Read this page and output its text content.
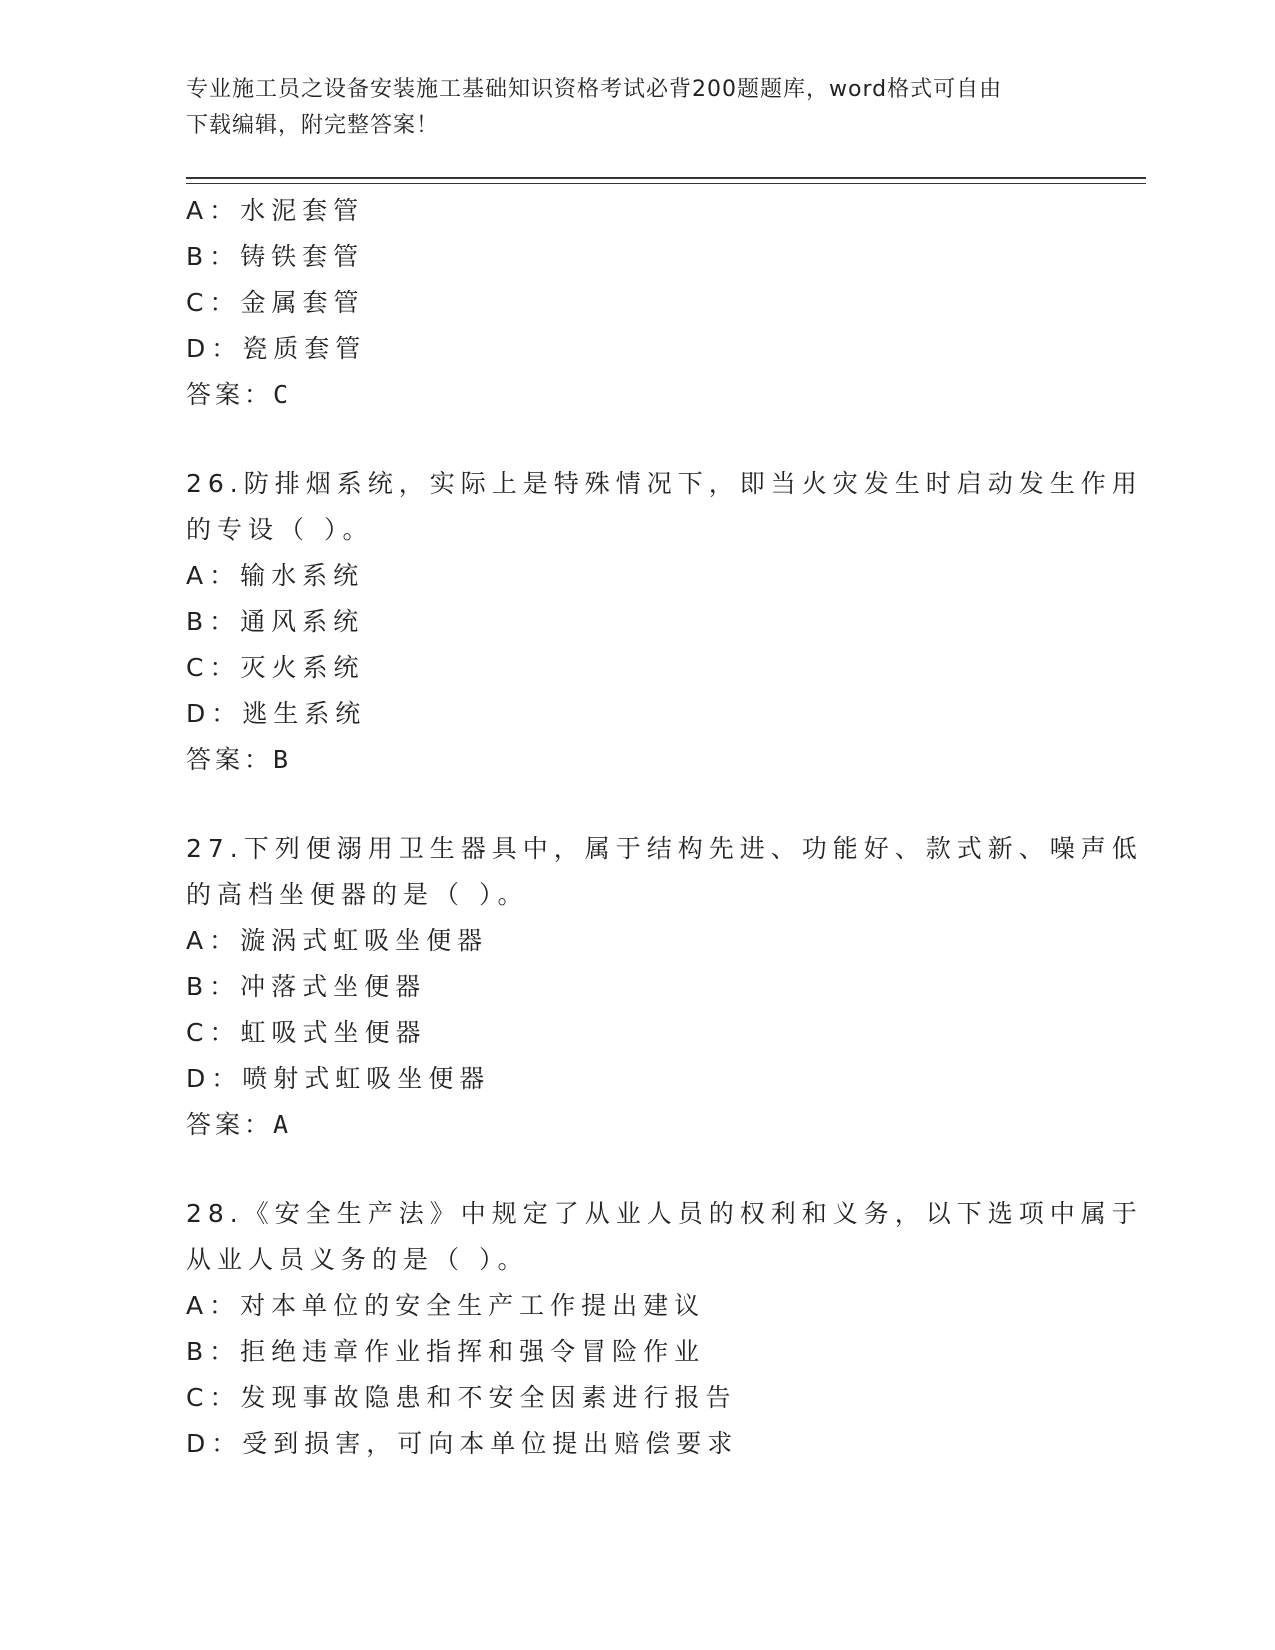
专业施工员之设备安装施工基础知识资格考试必背200题题库，word格式可自由
下载编辑，附完整答案！
A：水泥套管
B：铸铁套管
C：金属套管
D：瓷质套管
答案：C
26.防排烟系统，实际上是特殊情况下，即当火灾发生时启动发生作用
的专设（ ）。
A：输水系统
B：通风系统
C：灭火系统
D：逃生系统
答案：B
27.下列便溺用卫生器具中，属于结构先进、功能好、款式新、噪声低
的高档坐便器的是（ ）。
A：漩涡式虹吸坐便器
B：冲落式坐便器
C：虹吸式坐便器
D：喷射式虹吸坐便器
答案：A
28.《安全生产法》中规定了从业人员的权利和义务，以下选项中属于
从业人员义务的是（ ）。
A：对本单位的安全生产工作提出建议
B：拒绝违章作业指挥和强令冒险作业
C：发现事故隐患和不安全因素进行报告
D：受到损害，可向本单位提出赔偿要求
